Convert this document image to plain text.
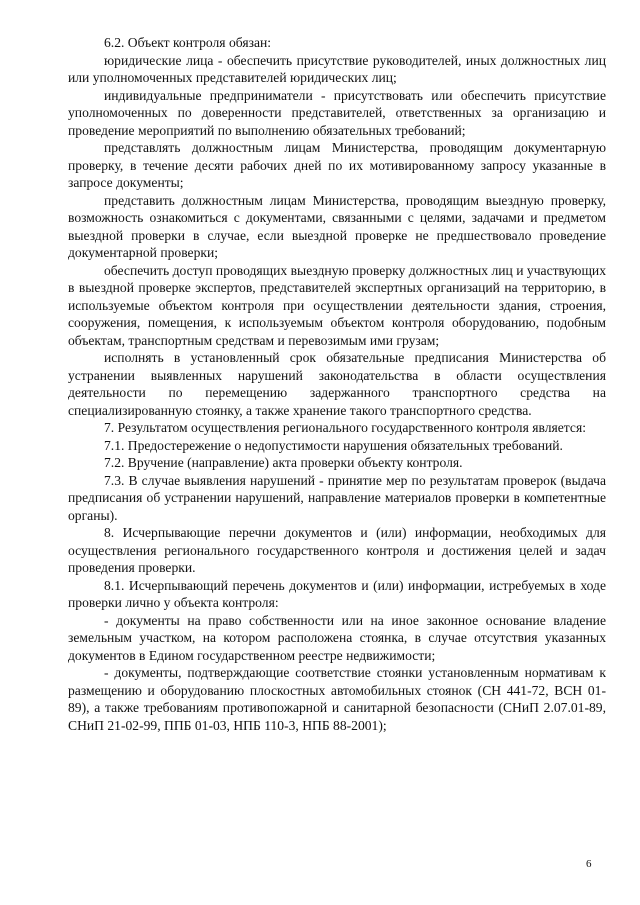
6.2. Объект контроля обязан:

юридические лица - обеспечить присутствие руководителей, иных должностных лиц или уполномоченных представителей юридических лиц;

индивидуальные предприниматели - присутствовать или обеспечить присутствие уполномоченных по доверенности представителей, ответственных за организацию и проведение мероприятий по выполнению обязательных требований;

представлять должностным лицам Министерства, проводящим документарную проверку, в течение десяти рабочих дней по их мотивированному запросу указанные в запросе документы;

представить должностным лицам Министерства, проводящим выездную проверку, возможность ознакомиться с документами, связанными с целями, задачами и предметом выездной проверки в случае, если выездной проверке не предшествовало проведение документарной проверки;

обеспечить доступ проводящих выездную проверку должностных лиц и участвующих в выездной проверке экспертов, представителей экспертных организаций на территорию, в используемые объектом контроля при осуществлении деятельности здания, строения, сооружения, помещения, к используемым объектом контроля оборудованию, подобным объектам, транспортным средствам и перевозимым ими грузам;

исполнять в установленный срок обязательные предписания Министерства об устранении выявленных нарушений законодательства в области осуществления деятельности по перемещению задержанного транспортного средства на специализированную стоянку, а также хранение такого транспортного средства.

7. Результатом осуществления регионального государственного контроля является:

7.1. Предостережение о недопустимости нарушения обязательных требований.

7.2. Вручение (направление) акта проверки объекту контроля.

7.3. В случае выявления нарушений - принятие мер по результатам проверок (выдача предписания об устранении нарушений, направление материалов проверки в компетентные органы).

8. Исчерпывающие перечни документов и (или) информации, необходимых для осуществления регионального государственного контроля и достижения целей и задач проведения проверки.

8.1. Исчерпывающий перечень документов и (или) информации, истребуемых в ходе проверки лично у объекта контроля:

- документы на право собственности или на иное законное основание владение земельным участком, на котором расположена стоянка, в случае отсутствия указанных документов в Едином государственном реестре недвижимости;

- документы, подтверждающие соответствие стоянки установленным нормативам к размещению и оборудованию плоскостных автомобильных стоянок (СН 441-72, ВСН 01-89), а также требованиям противопожарной и санитарной безопасности (СНиП 2.07.01-89, СНиП 21-02-99, ППБ 01-03, НПБ 110-3, НПБ 88-2001);

6
